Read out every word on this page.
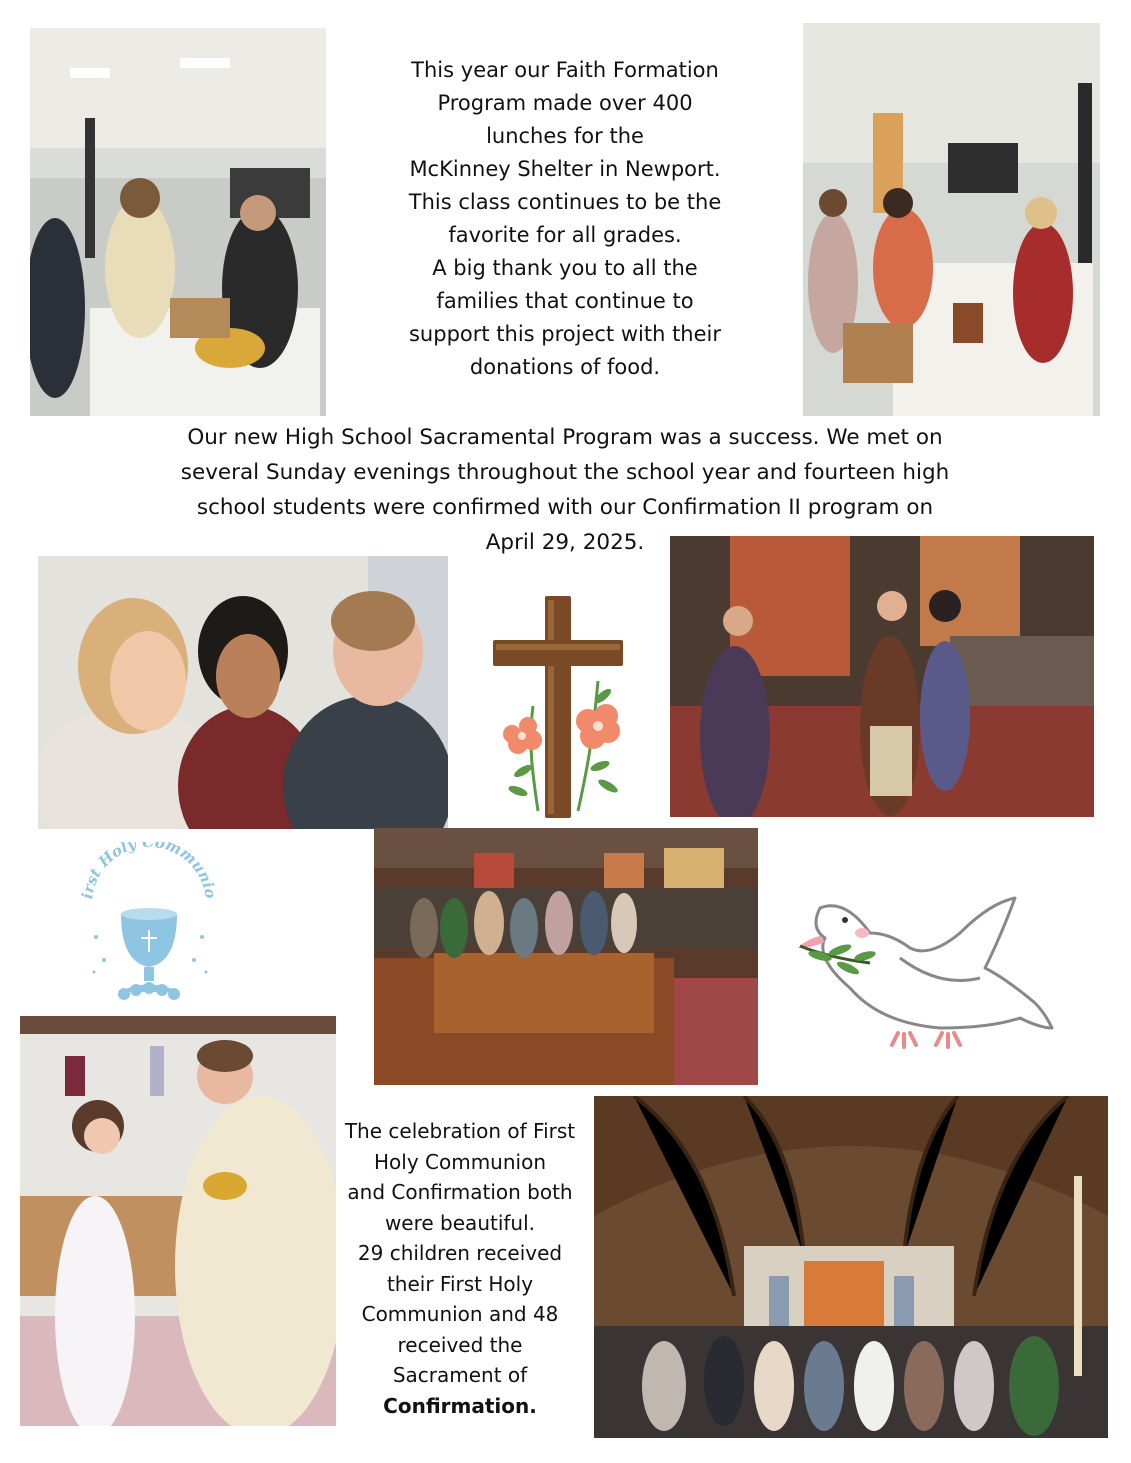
This year our Faith Formation
Program made over 400
lunches for the
McKinney Shelter in Newport.
This class continues to be the
favorite for all grades.
A big thank you to all the
families that continue to
support this project with their
donations of food.
Our new High School Sacramental Program was a success. We met on
several Sunday evenings throughout the school year and fourteen high
school students were confirmed with our Confirmation II program on
April 29, 2025.
irst Holy Communio
The celebration of First
Holy Communion
and Confirmation both
were beautiful.
29 children received
their First Holy
Communion and 48
received the
Sacrament of
Confirmation.
